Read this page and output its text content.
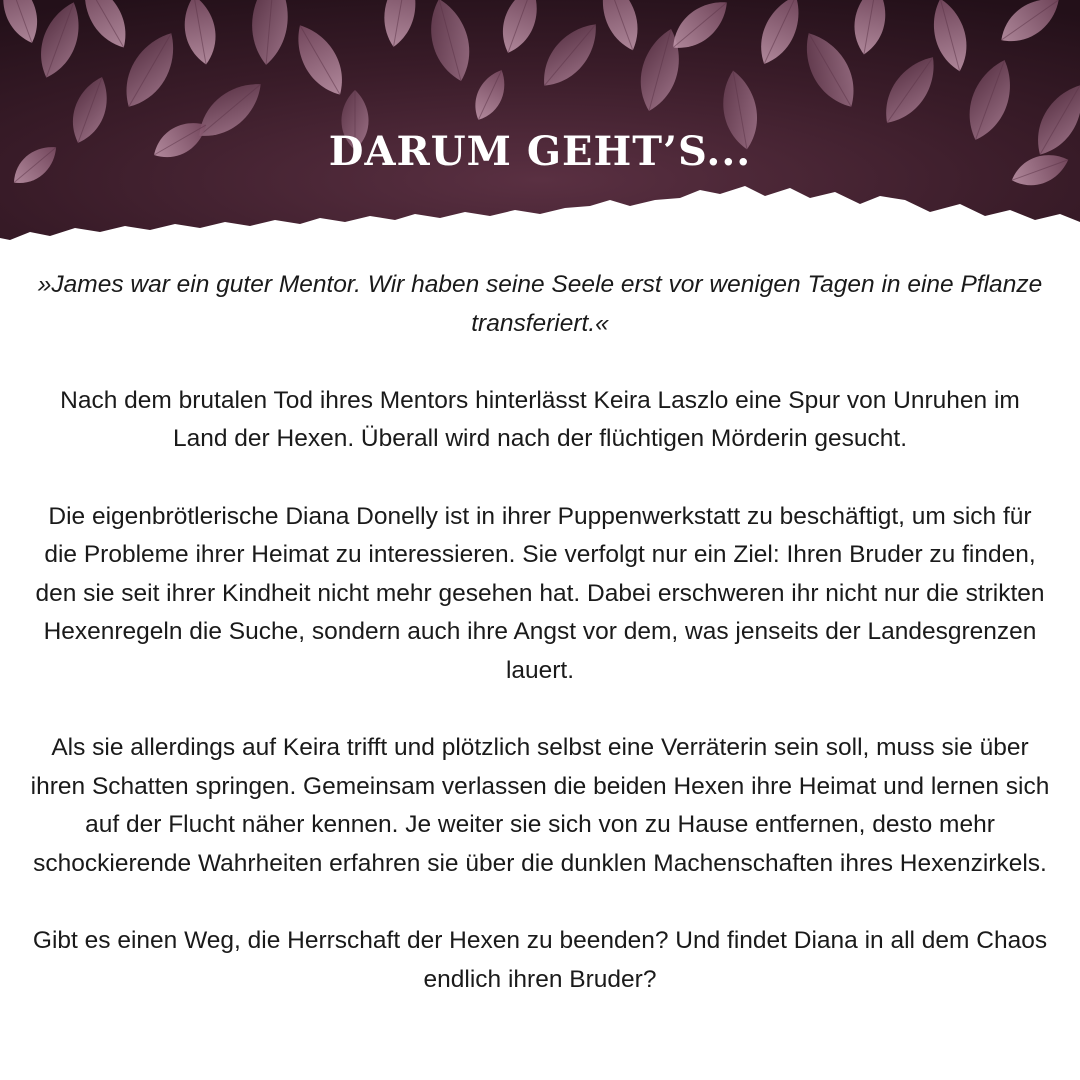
DARUM GEHT’S...

»James war ein guter Mentor. Wir haben seine Seele erst vor wenigen Tagen in eine Pflanze transferiert.«

Nach dem brutalen Tod ihres Mentors hinterlässt Keira Laszlo eine Spur von Unruhen im Land der Hexen. Überall wird nach der flüchtigen Mörderin gesucht.

Die eigenbrötlerische Diana Donelly ist in ihrer Puppenwerkstatt zu beschäftigt, um sich für die Probleme ihrer Heimat zu interessieren. Sie verfolgt nur ein Ziel: Ihren Bruder zu finden, den sie seit ihrer Kindheit nicht mehr gesehen hat. Dabei erschweren ihr nicht nur die strikten Hexenregeln die Suche, sondern auch ihre Angst vor dem, was jenseits der Landesgrenzen lauert.

Als sie allerdings auf Keira trifft und plötzlich selbst eine Verräterin sein soll, muss sie über ihren Schatten springen. Gemeinsam verlassen die beiden Hexen ihre Heimat und lernen sich auf der Flucht näher kennen. Je weiter sie sich von zu Hause entfernen, desto mehr schockierende Wahrheiten erfahren sie über die dunklen Machenschaften ihres Hexenzirkels.

Gibt es einen Weg, die Herrschaft der Hexen zu beenden? Und findet Diana in all dem Chaos endlich ihren Bruder?
